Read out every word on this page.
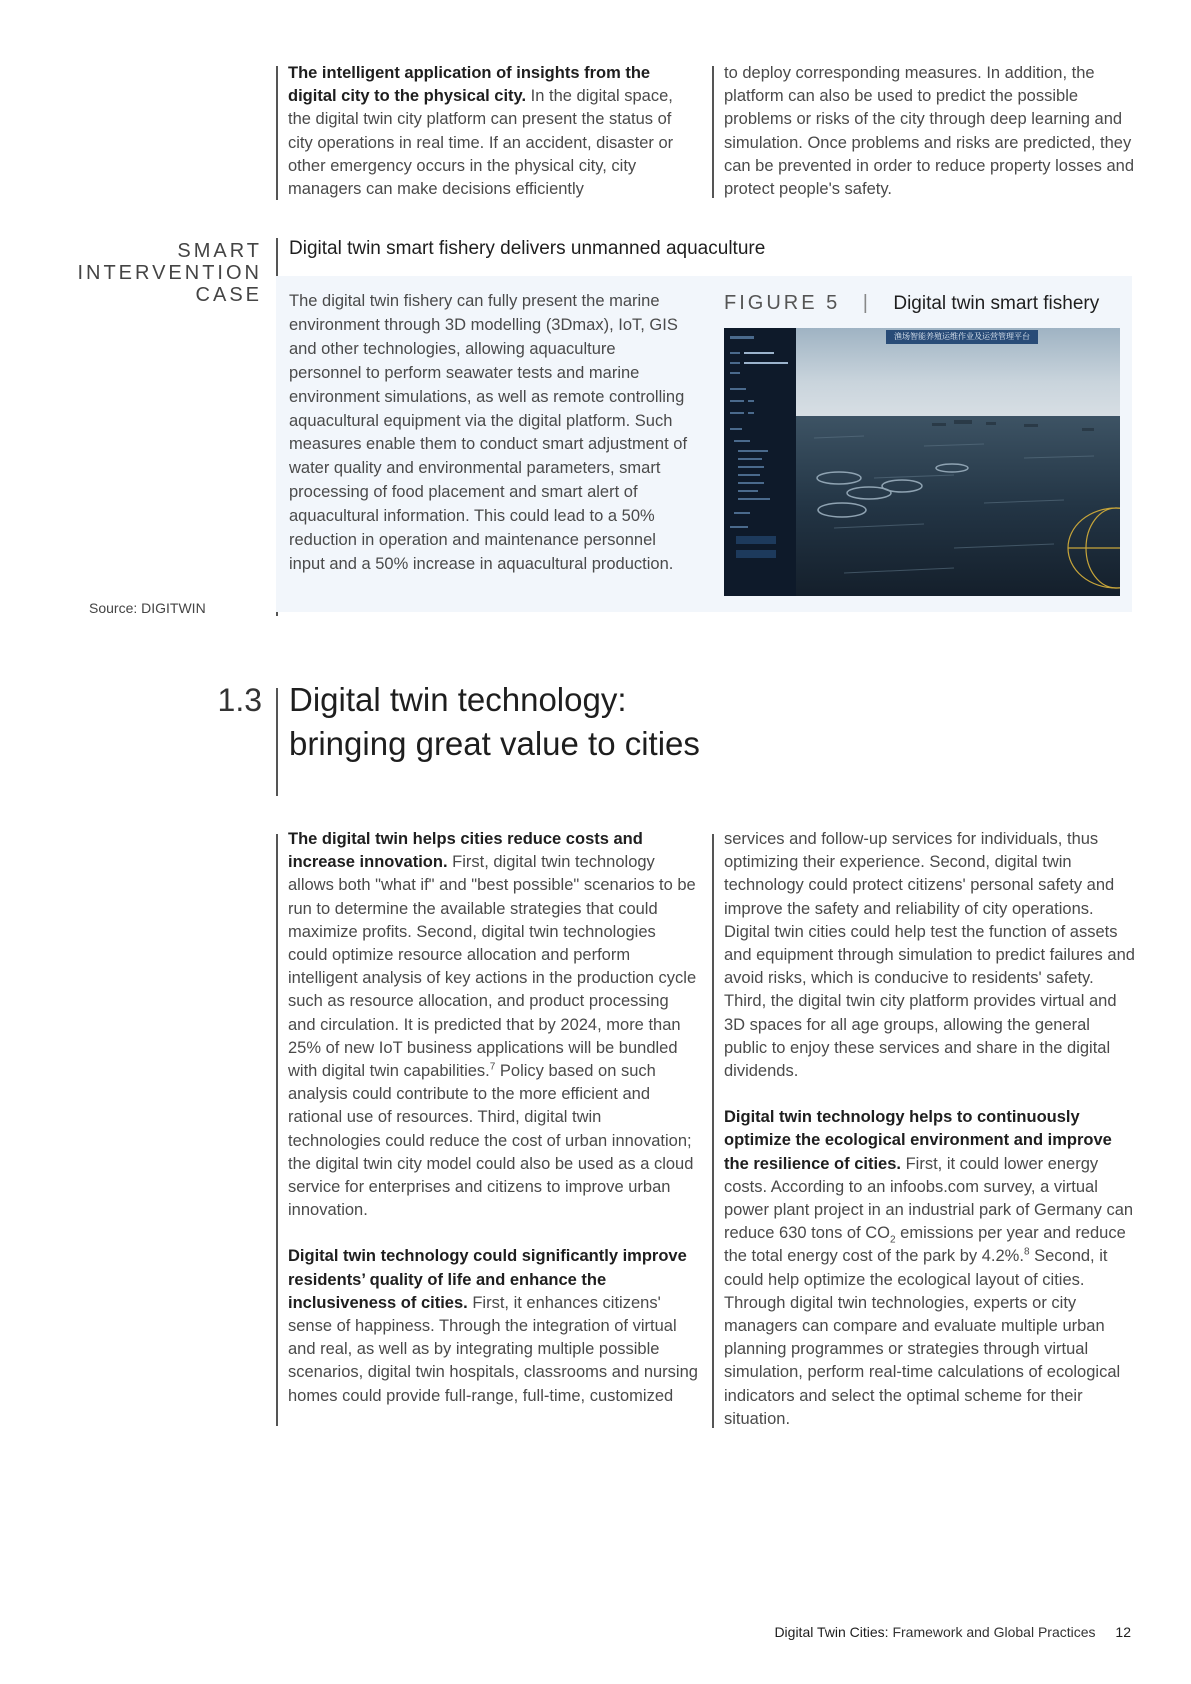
The intelligent application of insights from the digital city to the physical city. In the digital space, the digital twin city platform can present the status of city operations in real time. If an accident, disaster or other emergency occurs in the physical city, city managers can make decisions efficiently

to deploy corresponding measures. In addition, the platform can also be used to predict the possible problems or risks of the city through deep learning and simulation. Once problems and risks are predicted, they can be prevented in order to reduce property losses and protect people's safety.

SMART
INTERVENTION
CASE
Digital twin smart fishery delivers unmanned aquaculture

The digital twin fishery can fully present the marine environment through 3D modelling (3Dmax), IoT, GIS and other technologies, allowing aquaculture personnel to perform seawater tests and marine environment simulations, as well as remote controlling aquacultural equipment via the digital platform. Such measures enable them to conduct smart adjustment of water quality and environmental parameters, smart processing of food placement and smart alert of aquacultural information. This could lead to a 50% reduction in operation and maintenance personnel input and a 50% increase in aquacultural production.

FIGURE 5 | Digital twin smart fishery
渔场智能养殖运维作业及运营管理平台
Source: DIGITWIN
1.3 Digital twin technology:
bringing great value to cities

The digital twin helps cities reduce costs and increase innovation. First, digital twin technology allows both "what if" and "best possible" scenarios to be run to determine the available strategies that could maximize profits. Second, digital twin technologies could optimize resource allocation and perform intelligent analysis of key actions in the production cycle such as resource allocation, and product processing and circulation. It is predicted that by 2024, more than 25% of new IoT business applications will be bundled with digital twin capabilities.$^7$ Policy based on such analysis could contribute to the more efficient and rational use of resources. Third, digital twin technologies could reduce the cost of urban innovation; the digital twin city model could also be used as a cloud service for enterprises and citizens to improve urban innovation.

Digital twin technology could significantly improve residents’ quality of life and enhance the inclusiveness of cities. First, it enhances citizens' sense of happiness. Through the integration of virtual and real, as well as by integrating multiple possible scenarios, digital twin hospitals, classrooms and nursing homes could provide full-range, full-time, customized

services and follow-up services for individuals, thus optimizing their experience. Second, digital twin technology could protect citizens' personal safety and improve the safety and reliability of city operations. Digital twin cities could help test the function of assets and equipment through simulation to predict failures and avoid risks, which is conducive to residents' safety. Third, the digital twin city platform provides virtual and 3D spaces for all age groups, allowing the general public to enjoy these services and share in the digital dividends.

Digital twin technology helps to continuously optimize the ecological environment and improve the resilience of cities. First, it could lower energy costs. According to an infoobs.com survey, a virtual power plant project in an industrial park of Germany can reduce 630 tons of $CO_2$ emissions per year and reduce the total energy cost of the park by 4.2%.$^8$ Second, it could help optimize the ecological layout of cities. Through digital twin technologies, experts or city managers can compare and evaluate multiple urban planning programmes or strategies through virtual simulation, perform real-time calculations of ecological indicators and select the optimal scheme for their situation.

Digital Twin Cities: Framework and Global Practices 12
